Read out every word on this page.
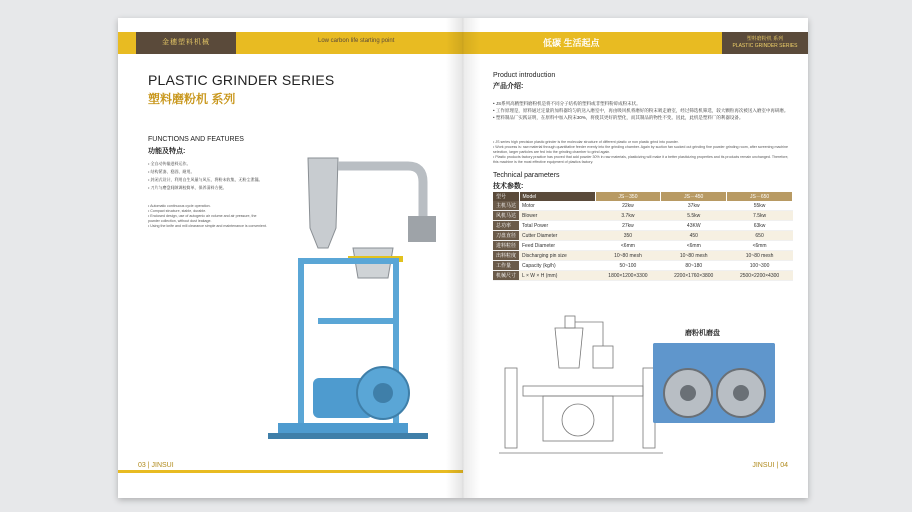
金穗塑料机械	Low carbon life starting point
PLASTIC GRINDER SERIES
塑料磨粉机 系列
FUNCTIONS AND FEATURES
功能及特点:
• 全自动传输进料运作。
• 结构紧凑、稳固、耐用。
• 封闭式设计，利用自生风量与风压，将粉末收集，无粉尘泄漏。
• 刀片与磨盘间隙调校简单，保养清料方便。
• Automatic continuous cycle operation.
• Compact structure, stable, durable.
• Enclosed design, use of autogenic air volume and air pressure, the powder collection, without dust leakage.
• Using the knife and mill clearance simple and maintenance is convenient.
03 | JINSUI
低碳 生活起点	塑料磨粉机 系列
PLASTIC GRINDER SERIES
Product introduction
产品介绍:
• JS系列高精塑料磨粉机是将不同分子结构的塑料或非塑料粉碎成粉末状。
• 工作原理是，原料通过定量的加料器均匀的送入磨室中，再由吸风机将磨好的粉末吸走磨室，经过筛选机筛选，较大颗粒再次被送入磨室中再研磨。
• 塑料制品厂实践证明，在原料中加入粉末30%，将使其更好的塑化，而其制品的物性不变。因此，此机是塑料厂的利器设备。
• JS series high precision plastic grinder is the molecular structure of different plastic or non plastic grind into powder.
• Work process is: raw material through quantitative feeder evenly into the grinding chamber. Again by suction fan sucked out grinding fine powder grinding room, after screening machine selection, larger particles are fed into the grinding chamber to grind again.
• Plastic products factory practice has proved that add powder 30% in raw materials, plasticizing will make it a better plasticizing properties and its products remain unchanged. Therefore, this machine is the most effective equipment of plastics factory.
Technical parameters
技术参数:
型号	Model	JS－350	JS－450	JS－650
主机马达	Motor	22kw	37kw	55kw
风机马达	Blower	3.7kw	5.5kw	7.5kw
总功率	Total Power	27kw	43KW	63kw
刀盘直径	Cutter Diameter	350	450	650
进料粒径	Feed Diameter	<6mm	<6mm	<6mm
出料粒度	Discharging pin size	10~80 mesh	10~80 mesh	10~80 mesh
工作量	Capacity (kg/h)	50~100	80~180	100~300
机械尺寸	L × W × H (mm)	1800×1200×3300	2200×1760×3800	2500×2200×4300
磨粉机磨盘
JINSUI | 04
